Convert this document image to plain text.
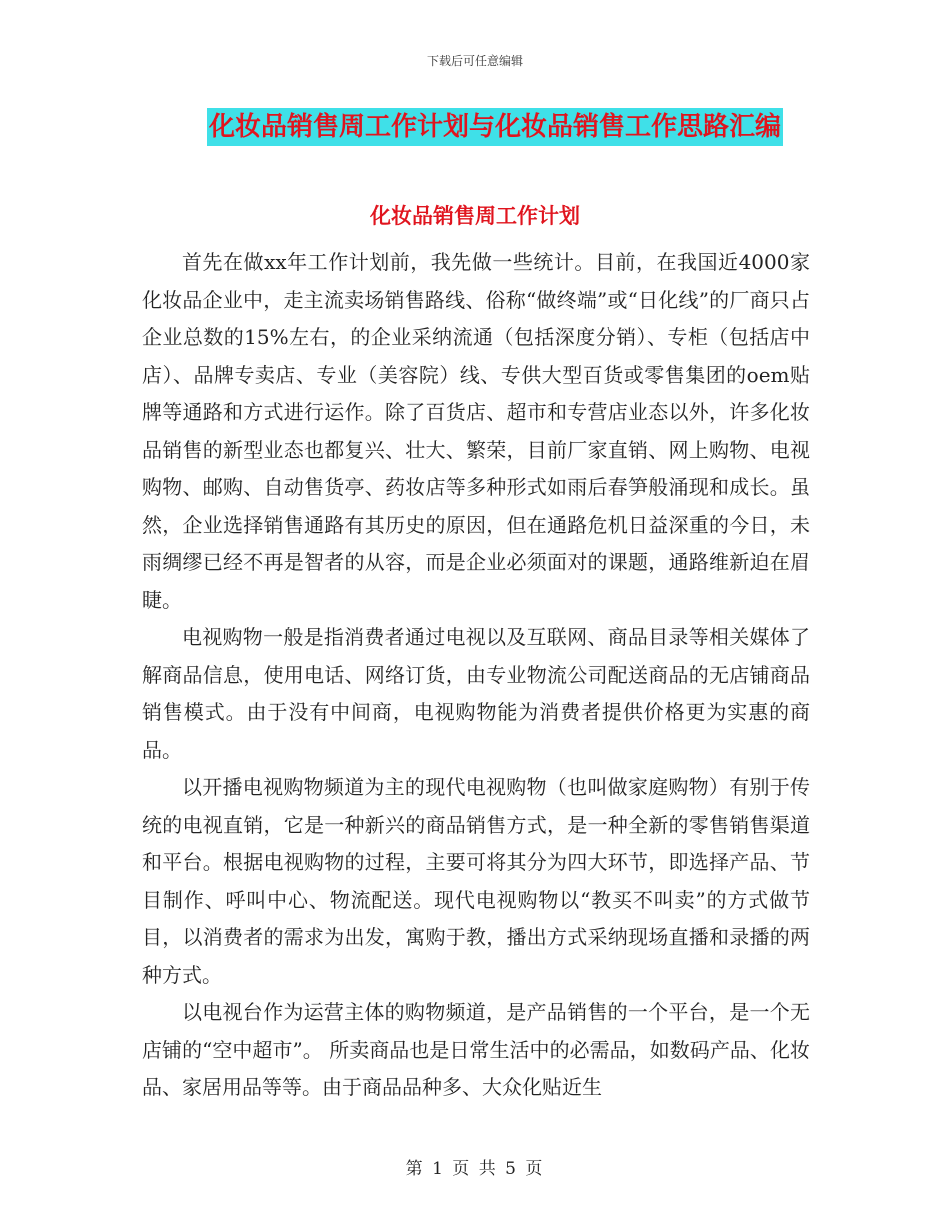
下载后可任意编辑
化妆品销售周工作计划与化妆品销售工作思路汇编
化妆品销售周工作计划

首先在做xx年工作计划前，我先做一些统计。目前，在我国近4000家化妆品企业中，走主流卖场销售路线、俗称“做终端”或“日化线”的厂商只占企业总数的15%左右，的企业采纳流通（包括深度分销）、专柜（包括店中店）、品牌专卖店、专业（美容院）线、专供大型百货或零售集团的oem贴牌等通路和方式进行运作。除了百货店、超市和专营店业态以外，许多化妆品销售的新型业态也都复兴、壮大、繁荣，目前厂家直销、网上购物、电视购物、邮购、自动售货亭、药妆店等多种形式如雨后春笋般涌现和成长。虽然，企业选择销售通路有其历史的原因，但在通路危机日益深重的今日，未雨绸缪已经不再是智者的从容，而是企业必须面对的课题，通路维新迫在眉睫。

电视购物一般是指消费者通过电视以及互联网、商品目录等相关媒体了解商品信息，使用电话、网络订货，由专业物流公司配送商品的无店铺商品销售模式。由于没有中间商，电视购物能为消费者提供价格更为实惠的商品。

以开播电视购物频道为主的现代电视购物（也叫做家庭购物）有别于传统的电视直销，它是一种新兴的商品销售方式，是一种全新的零售销售渠道和平台。根据电视购物的过程，主要可将其分为四大环节，即选择产品、节目制作、呼叫中心、物流配送。现代电视购物以“教买不叫卖”的方式做节目，以消费者的需求为出发，寓购于教，播出方式采纳现场直播和录播的两种方式。

以电视台作为运营主体的购物频道，是产品销售的一个平台，是一个无店铺的“空中超市”。 所卖商品也是日常生活中的必需品，如数码产品、化妆品、家居用品等等。由于商品品种多、大众化贴近生

第 1 页 共 5 页
